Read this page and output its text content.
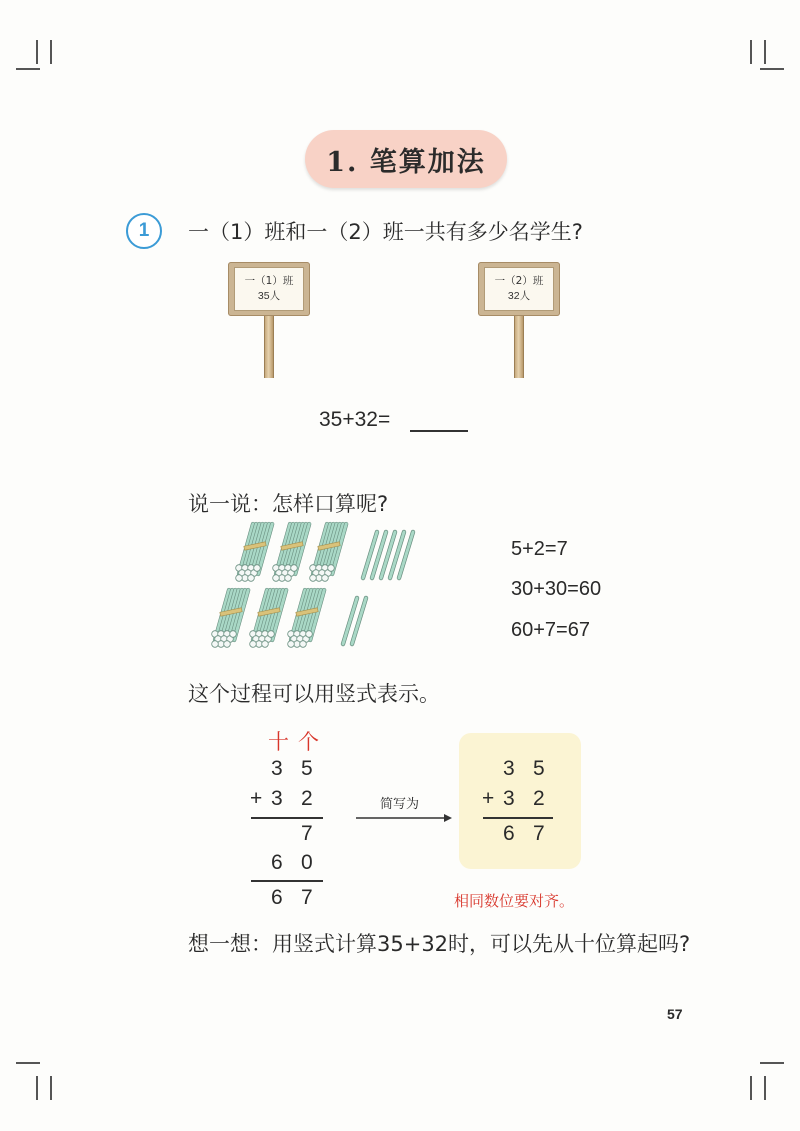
1. 笔算加法
1	一（1）班和一（2）班一共有多少名学生?
一（1）班
35人
一（2）班
32人
35+32=
说一说：怎样口算呢?
5+2=7
30+30=60
60+7=67
这个过程可以用竖式表示。
十 个
3 5
+ 3 2
7
6 0
6 7
简写为
3 5
+ 3 2
6 7
相同数位要对齐。
想一想：用竖式计算35+32时，可以先从十位算起吗?
57
